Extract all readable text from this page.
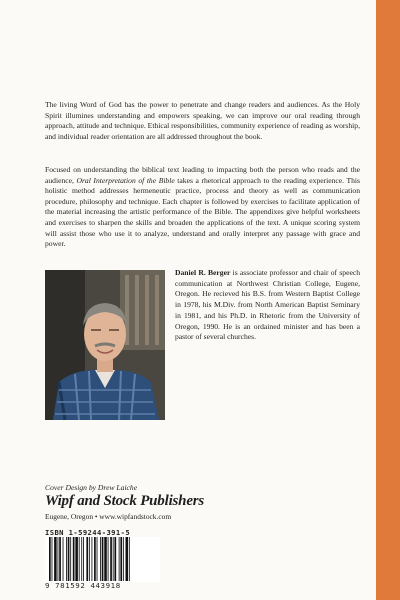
The living Word of God has the power to penetrate and change readers and audiences. As the Holy Spirit illumines understanding and empowers speaking, we can improve our oral reading through approach, attitude and technique. Ethical responsibilities, community experience of reading as worship, and individual reader orientation are all addressed throughout the book.

Focused on understanding the biblical text leading to impacting both the person who reads and the audience, Oral Interpretation of the Bible takes a rhetorical approach to the reading experience. This holistic method addresses hermeneutic practice, process and theory as well as communication procedure, philosophy and technique. Each chapter is followed by exercises to facilitate application of the material increasing the artistic performance of the Bible. The appendixes give helpful worksheets and exercises to sharpen the skills and broaden the applications of the text. A unique scoring system will assist those who use it to analyze, understand and orally interpret any passage with grace and power.

Daniel R. Berger is associate professor and chair of speech communication at Northwest Christian College, Eugene, Oregon. He recieved his B.S. from Western Baptist College in 1978, his M.Div. from North American Baptist Seminary in 1981, and his Ph.D. in Rhetoric from the University of Oregon, 1990. He is an ordained minister and has been a pastor of several churches.

Cover Design by Drew Laiche
Wipf and Stock Publishers
Eugene, Oregon • www.wipfandstock.com
ISBN 1-59244-391-5
9 781592 443918
